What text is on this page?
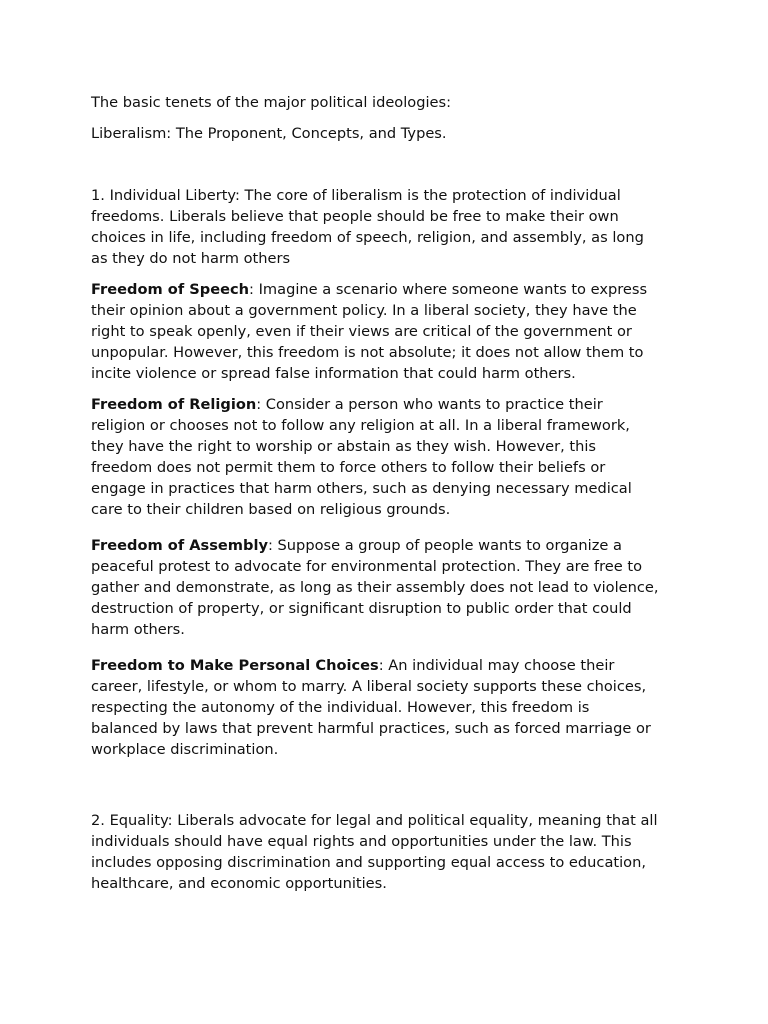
The basic tenets of the major political ideologies:

Liberalism: The Proponent, Concepts, and Types.

1. Individual Liberty: The core of liberalism is the protection of individual
freedoms. Liberals believe that people should be free to make their own
choices in life, including freedom of speech, religion, and assembly, as long
as they do not harm others

Freedom of Speech: Imagine a scenario where someone wants to express
their opinion about a government policy. In a liberal society, they have the
right to speak openly, even if their views are critical of the government or
unpopular. However, this freedom is not absolute; it does not allow them to
incite violence or spread false information that could harm others.

Freedom of Religion: Consider a person who wants to practice their
religion or chooses not to follow any religion at all. In a liberal framework,
they have the right to worship or abstain as they wish. However, this
freedom does not permit them to force others to follow their beliefs or
engage in practices that harm others, such as denying necessary medical
care to their children based on religious grounds.

Freedom of Assembly: Suppose a group of people wants to organize a
peaceful protest to advocate for environmental protection. They are free to
gather and demonstrate, as long as their assembly does not lead to violence,
destruction of property, or significant disruption to public order that could
harm others.

Freedom to Make Personal Choices: An individual may choose their
career, lifestyle, or whom to marry. A liberal society supports these choices,
respecting the autonomy of the individual. However, this freedom is
balanced by laws that prevent harmful practices, such as forced marriage or
workplace discrimination.

2. Equality: Liberals advocate for legal and political equality, meaning that all
individuals should have equal rights and opportunities under the law. This
includes opposing discrimination and supporting equal access to education,
healthcare, and economic opportunities.
